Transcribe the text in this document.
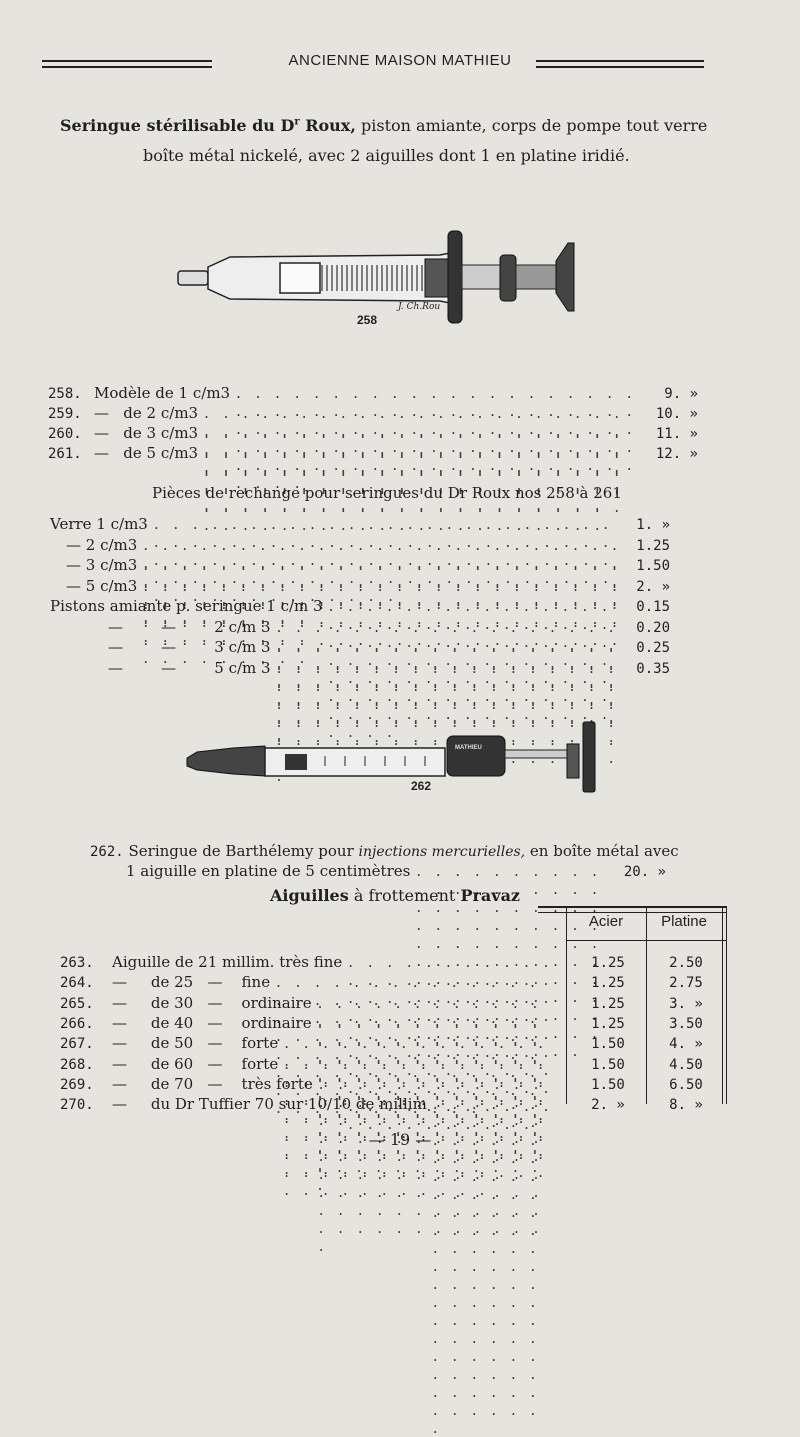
ANCIENNE MAISON MATHIEU
Seringue stérilisable du $D^r$ Roux, piston amiante, corps de pompe tout verre
boîte métal nickelé, avec 2 aiguilles dont 1 en platine iridié.
258
J. Ch.Rou
258. Modèle de 1 c/m3 . . .	9. »
259. —   de 2 c/m3 . . .	10. »
260. —   de 3 c/m3 . . .	11. »
261. —   de 5 c/m3 . . .	12. »
Pièces de rechange pour seringues du Dr Roux nos 258 à 261
Verre 1 c/m3 . . .	1. »
— 2 c/m3 . . .	1.25
— 3 c/m3 . . .	1.50
— 5 c/m3 . . .	2. »
Pistons amiante p. seringue 1 c/m 3 . . .	0.15
—        —        2 c/m 3 . . .	0.20
—        —        3 c/m 3 . . .	0.25
—        —        5 c/m 3 . . .	0.35
MATHIEU
262
262. Seringue de Barthélemy pour injections mercurielles, en boîte métal avec
1 aiguille en platine de 5 centimètres . . .	20. »
Aiguilles à frottement Pravaz
Acier	Platine
263.	Aiguille de 21 millim. très fine . . .	1.25	2.50
264.	—     de 25   —    fine . . .	1.25	2.75
265.	—     de 30   —    ordinaire . . .	1.25	3. »
266.	—     de 40   —    ordinaire . . .	1.25	3.50
267.	—     de 50   —    forte . . .	1.50	4. »
268.	—     de 60   —    forte . . .	1.50	4.50
269.	—     de 70   —    très forte . . .	1.50	6.50
270.	—     du Dr Tuffier 70 sur 10/10 de millim . . .	2. »	8. »
— 19 —
